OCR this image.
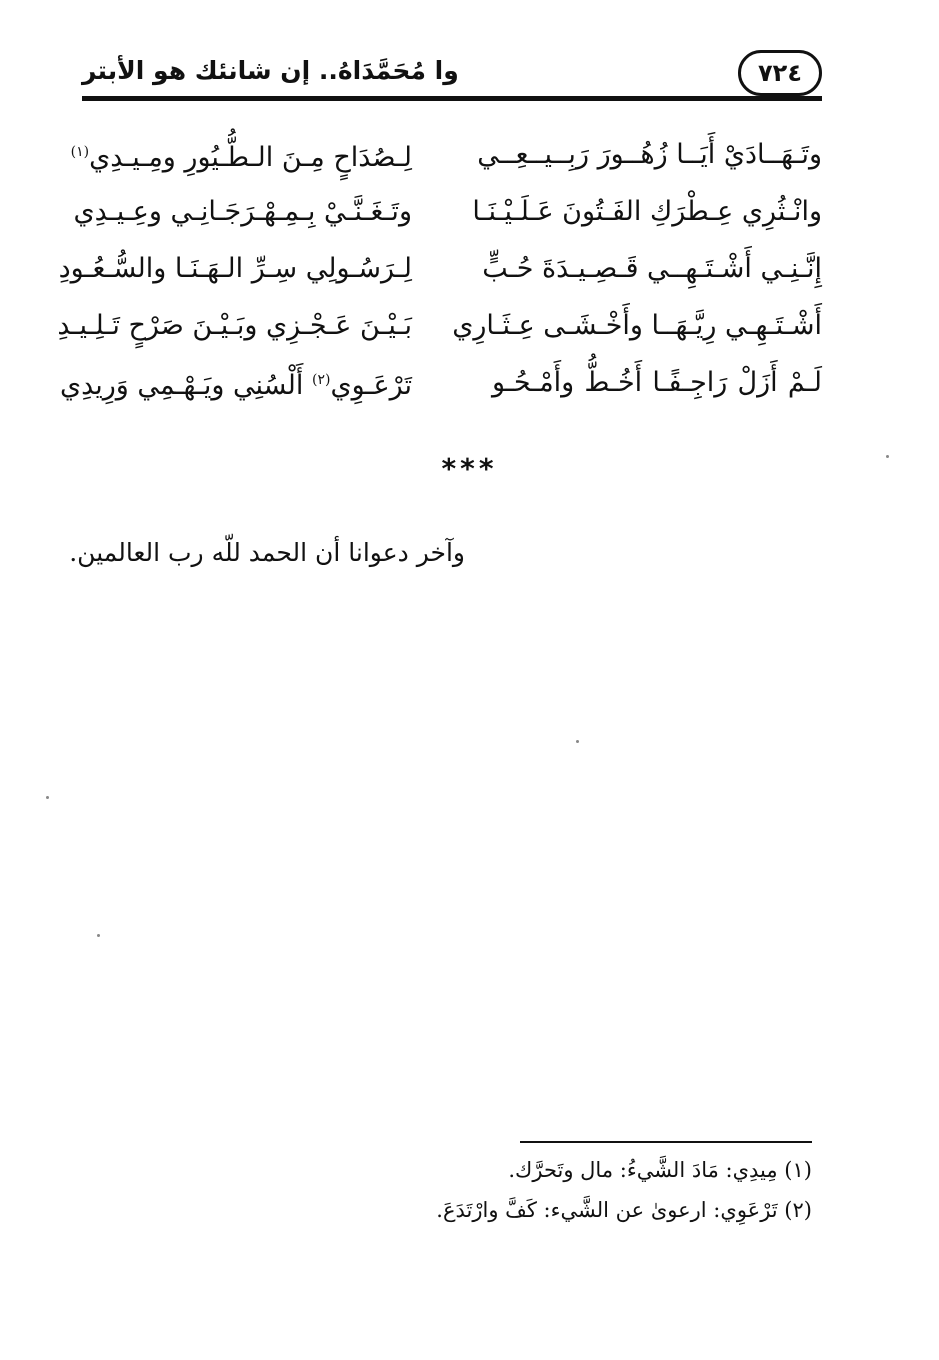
وا مُحَمَّدَاهُ.. إن شانئك هو الأبتر	٧٢٤
وتَـهَــادَيْ أَيَــا زُهُــورَ رَبِــيــعِــي
لِـصُدَاحٍ مِـنَ الـطُّـيُورِ ومِـيـدِي$^{(١)}$
وانْـثُرِي عِـطْرَكِ الفَـتُونَ عَـلَـيْـنَـا
وتَـغَـنَّـيْ بِـمِـهْـرَجَـانِـي وعِـيـدِي
إِنَّـنِـي أَشْـتَـهِــي قَـصِـيـدَةَ حُـبٍّ
لِـرَسُـولِي سِـرِّ الـهَـنَـا والسُّـعُـودِ
أَشْـتَـهِـي رِيَّـهَــا وأَخْـشَـى عِـثَـارِي
بَـيْـنَ عَـجْـزِي وبَـيْـنَ صَرْحٍ تَـلِـيـدِ
لَـمْ أَزَلْ رَاجِـفًـا أَخُـطُّ وأَمْـحُـو
تَرْعَـوِي$^{(٢)}$ أَلْسُنِي ويَـهْـمِي وَرِيدِي
***
وآخر دعوانا أن الحمد للّه رب العالمين.
(١) مِيدِي: مَادَ الشَّيءُ: مال وتَحرَّك.
(٢) تَرْعَوِي: ارعوىٰ عن الشَّيء: كَفَّ وارْتَدَعَ.
